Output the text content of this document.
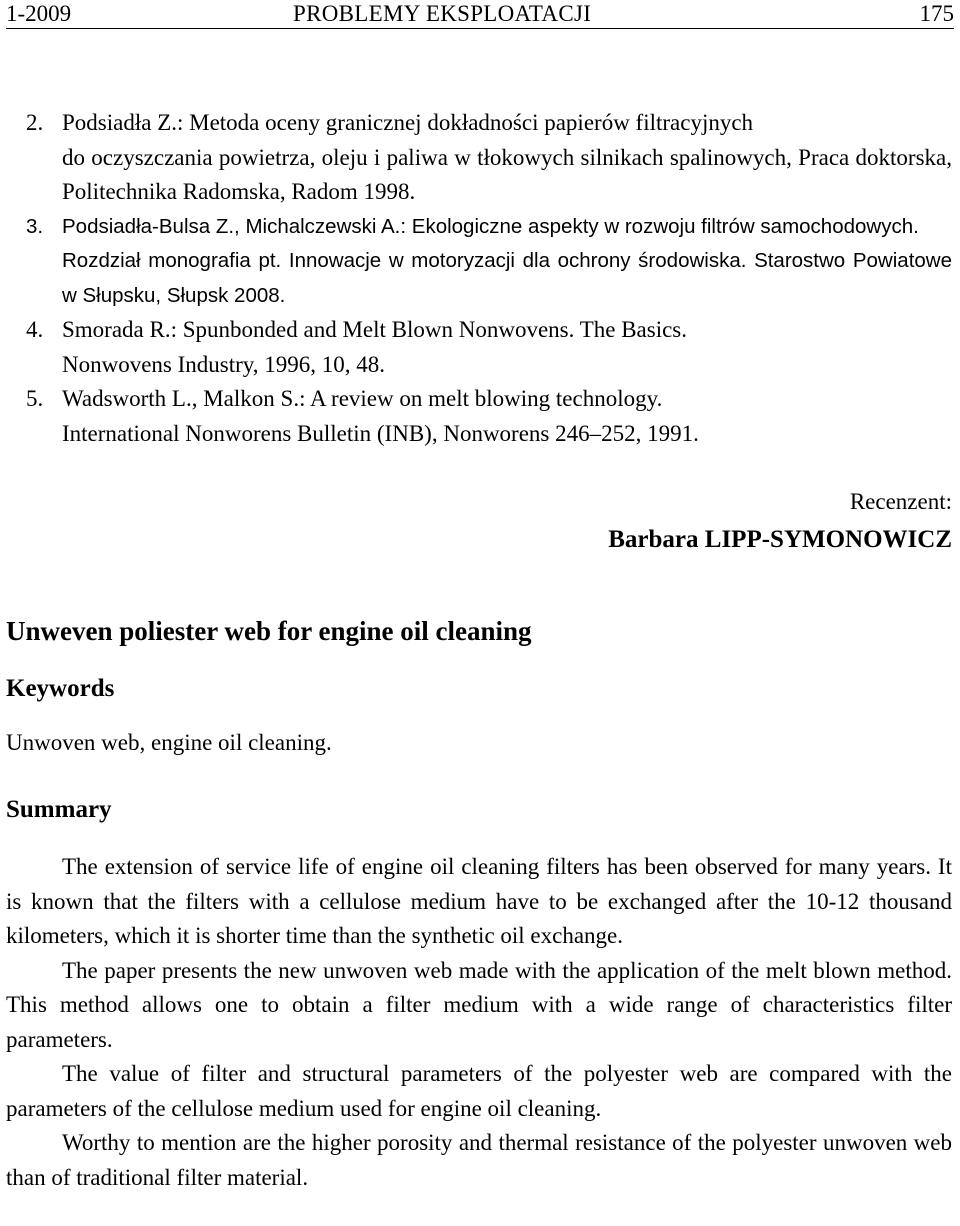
1-2009	PROBLEMY EKSPLOATACJI	175

2. Podsiadła Z.: Metoda oceny granicznej dokładności papierów filtracyjnych
do oczyszczania powietrza, oleju i paliwa w tłokowych silnikach spalinowych, Praca doktorska, Politechnika Radomska, Radom 1998.

3. Podsiadła-Bulsa Z., Michalczewski A.: Ekologiczne aspekty w rozwoju filtrów samochodowych.
Rozdział monografia pt. Innowacje w motoryzacji dla ochrony środowiska. Starostwo Powiatowe w Słupsku, Słupsk 2008.

4. Smorada R.: Spunbonded and Melt Blown Nonwovens. The Basics.
Nonwovens Industry, 1996, 10, 48.

5. Wadsworth L., Malkon S.: A review on melt blowing technology.
International Nonworens Bulletin (INB), Nonworens 246–252, 1991.

Recenzent:
Barbara LIPP-SYMONOWICZ
Unweven poliester web for engine oil cleaning
Keywords

Unwoven web, engine oil cleaning.

Summary

The extension of service life of engine oil cleaning filters has been observed for many years. It is known that the filters with a cellulose medium have to be exchanged after the 10-12 thousand kilometers, which it is shorter time than the synthetic oil exchange.

The paper presents the new unwoven web made with the application of the melt blown method. This method allows one to obtain a filter medium with a wide range of characteristics filter parameters.

The value of filter and structural parameters of the polyester web are compared with the parameters of the cellulose medium used for engine oil cleaning.

Worthy to mention are the higher porosity and thermal resistance of the polyester unwoven web than of traditional filter material.
